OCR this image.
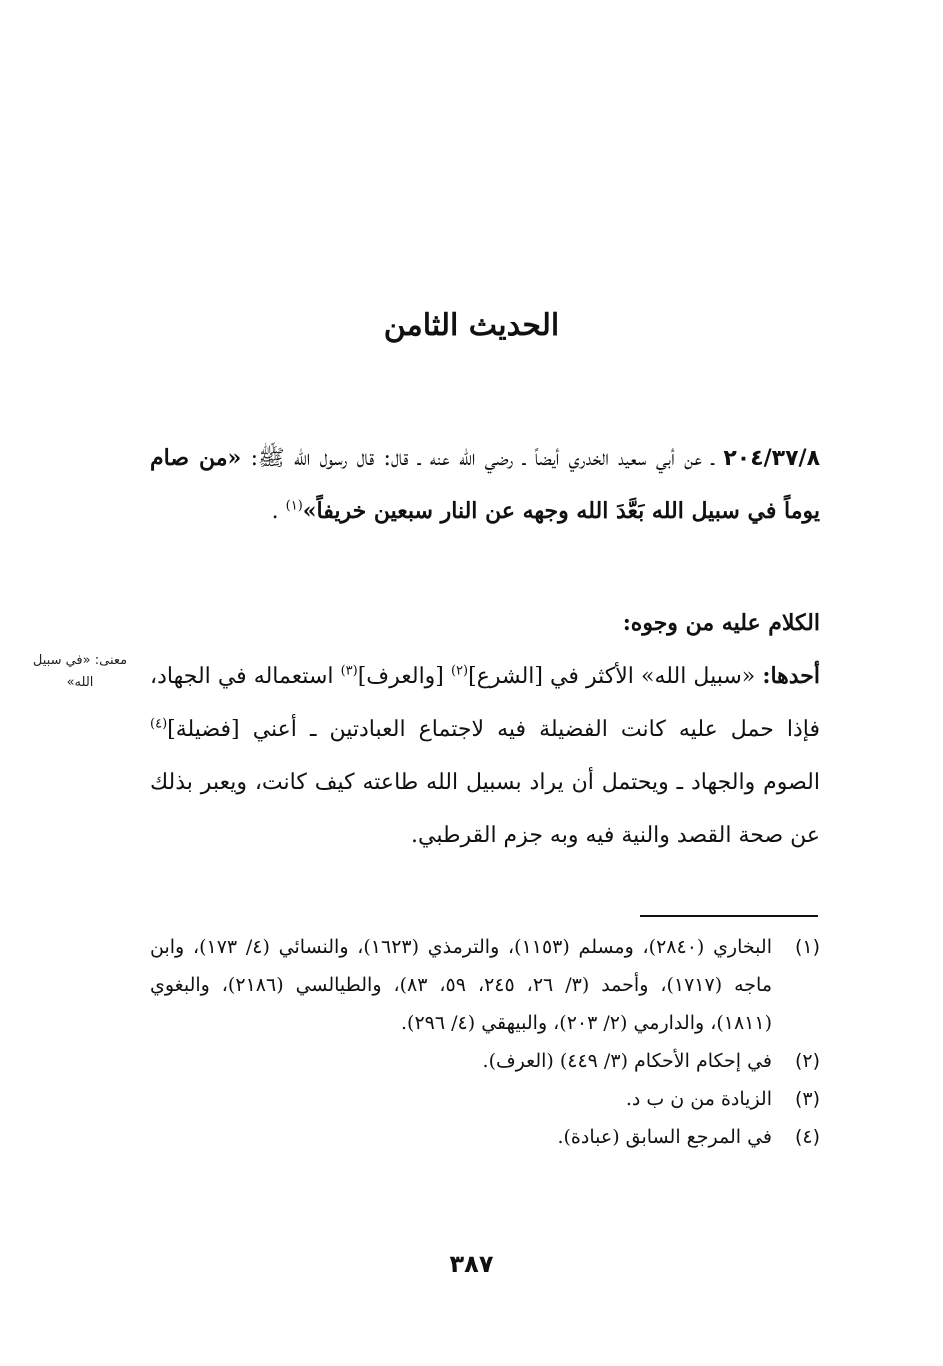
الحديث الثامن

٢٠٤/٣٧/٨ ـ عن أبي سعيد الخدري أيضاً ـ رضي الله عنه ـ قال: قال رسول الله ﷺ: «من صام يوماً في سبيل الله بَعَّدَ الله وجهه عن النار سبعين خريفاً»$^{(١)}$ .

الكلام عليه من وجوه:

أحدها: «سبيل الله» الأكثر في [الشرع]$^{(٢)}$ [والعرف]$^{(٣)}$ استعماله في الجهاد، فإذا حمل عليه كانت الفضيلة فيه لاجتماع العبادتين ـ أعني [فضيلة]$^{(٤)}$ الصوم والجهاد ـ ويحتمل أن يراد بسبيل الله طاعته كيف كانت، ويعبر بذلك عن صحة القصد والنية فيه وبه جزم القرطبي.

معنى: «في سبيل الله»
(١)
البخاري (٢٨٤٠)، ومسلم (١١٥٣)، والترمذي (١٦٢٣)، والنسائي (٤/ ١٧٣)، وابن ماجه (١٧١٧)، وأحمد (٣/ ٢٦، ٢٤٥، ٥٩، ٨٣)، والطيالسي (٢١٨٦)، والبغوي (١٨١١)، والدارمي (٢/ ٢٠٣)، والبيهقي (٤/ ٢٩٦).
(٢)
في إحكام الأحكام (٣/ ٤٤٩) (العرف).
(٣)
الزيادة من ن ب د.
(٤)
في المرجع السابق (عبادة).
٣٨٧
